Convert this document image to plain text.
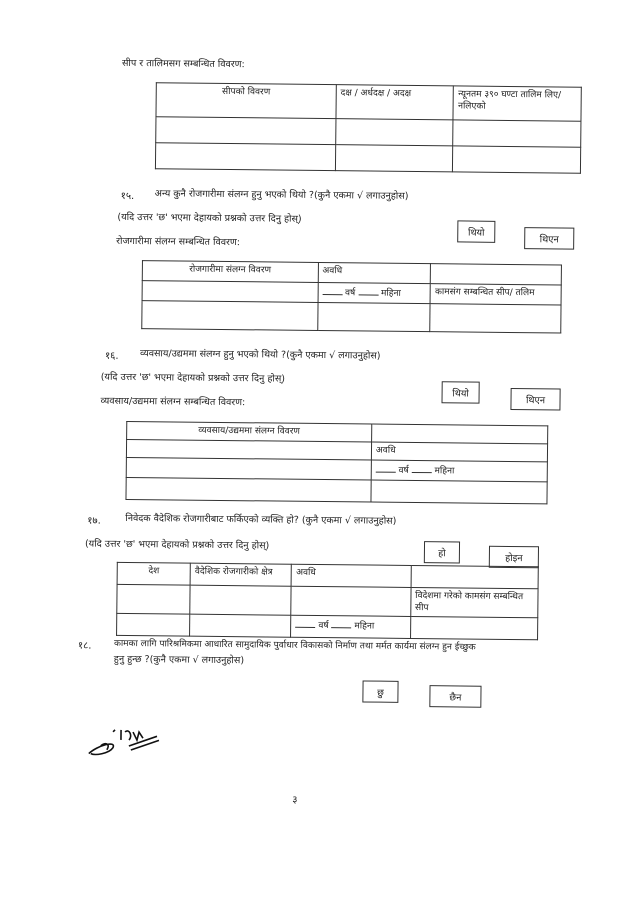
सीप र तालिमसग सम्बन्धित विवरण:
सीपको विवरण	दक्ष / अर्धदक्ष / अदक्ष	न्यूनतम ३९० घण्टा तालिम लिए/नलिएको

१५. अन्य कुनै रोजगारीमा संलग्न हुनु भएको थियो ?(कुनै एकमा √ लगाउनुहोस)
(यदि उत्तर 'छ' भएमा देहायको प्रश्नको उत्तर दिनु होस्)
थियो
थिएन
रोजगारीमा संलग्न सम्बन्धित विवरण:
रोजगारीमा संलग्न विवरण	अवधि	
	वर्ष महिना	कामसंग सम्बन्धित सीप/ तलिम

१६. व्यवसाय/उद्यममा संलग्न हुनु भएको थियो ?(कुनै एकमा √ लगाउनुहोस)
(यदि उत्तर 'छ' भएमा देहायको प्रश्नको उत्तर दिनु होस्)
थियो
थिएन
व्यवसाय/उद्यममा संलग्न सम्बन्धित विवरण:
व्यवसाय/उद्यममा संलग्न विवरण	
	अवधि
	वर्ष महिना

१७.	निवेदक वैदेशिक रोजगारीबाट फर्किएको व्यक्ति हो? (कुनै एकमा √ लगाउनुहोस)
(यदि उत्तर 'छ' भएमा देहायको प्रश्नको उत्तर दिनु होस्)
हो	होइन
देश	वैदेशिक रोजगारीको क्षेत्र	अवधि	
			विदेशमा गरेको कामसंग सम्बन्धित सीप
		वर्ष महिना	
१८. कामका लागि पारिश्रमिकमा आधारित सामुदायिक पुर्वाधार विकासको निर्माण तथा मर्मत कार्यमा संलग्न हुन ईच्छुक
हुनु हुन्छ ?(कुनै एकमा √ लगाउनुहोस)
छु	छैन
३
